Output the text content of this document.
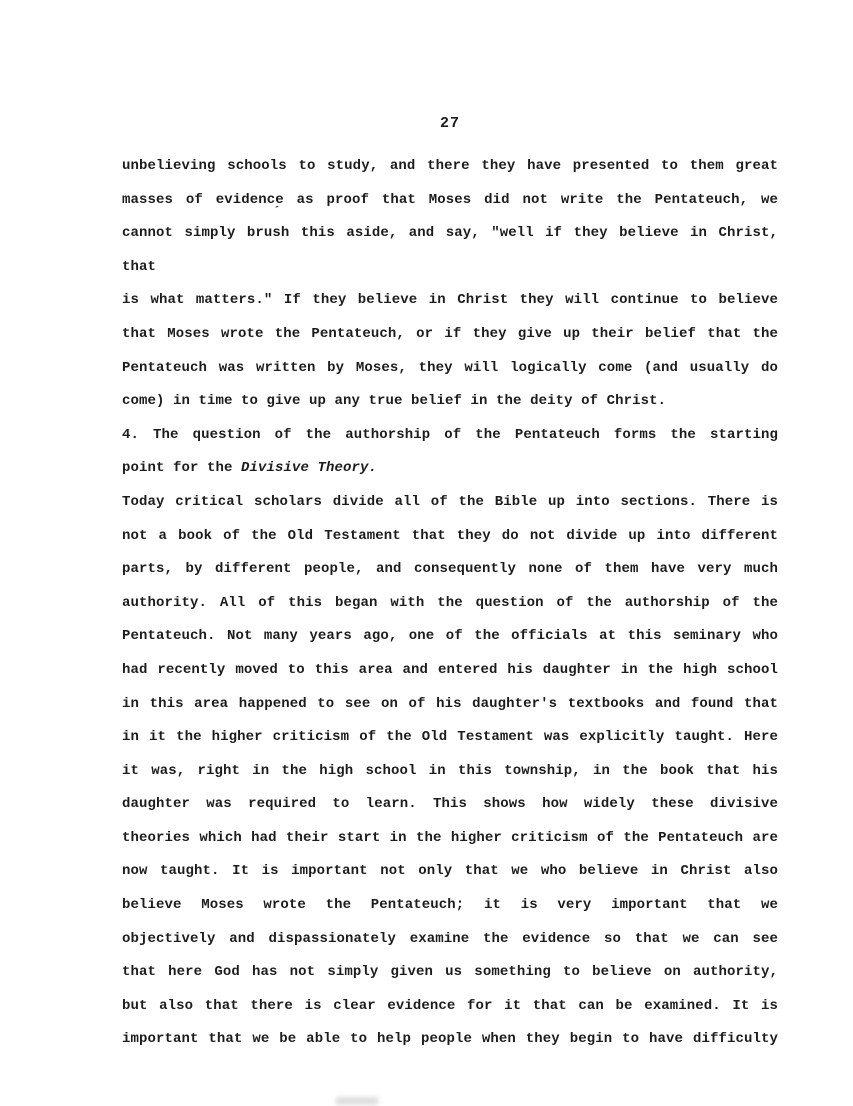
27
unbelieving schools to study, and there they have presented to them great
masses of evidence as proof that Moses did not write the Pentateuch, we
cannot simply brush this aside, and say, "well if they believe in Christ, that
is what matters." If they believe in Christ they will continue to believe
that Moses wrote the Pentateuch, or if they give up their belief that the
Pentateuch was written by Moses, they will logically come (and usually do
come) in time to give up any true belief in the deity of Christ.
4. The question of the authorship of the Pentateuch forms the starting
point for the Divisive Theory.
Today critical scholars divide all of the Bible up into sections. There is
not a book of the Old Testament that they do not divide up into different
parts, by different people, and consequently none of them have very much
authority. All of this began with the question of the authorship of the
Pentateuch. Not many years ago, one of the officials at this seminary who
had recently moved to this area and entered his daughter in the high school
in this area happened to see on of his daughter's textbooks and found that
in it the higher criticism of the Old Testament was explicitly taught. Here
it was, right in the high school in this township, in the book that his
daughter was required to learn. This shows how widely these divisive
theories which had their start in the higher criticism of the Pentateuch are
now taught. It is important not only that we who believe in Christ also
believe Moses wrote the Pentateuch; it is very important that we
objectively and dispassionately examine the evidence so that we can see
that here God has not simply given us something to believe on authority,
but also that there is clear evidence for it that can be examined. It is
important that we be able to help people when they begin to have difficulty
´
